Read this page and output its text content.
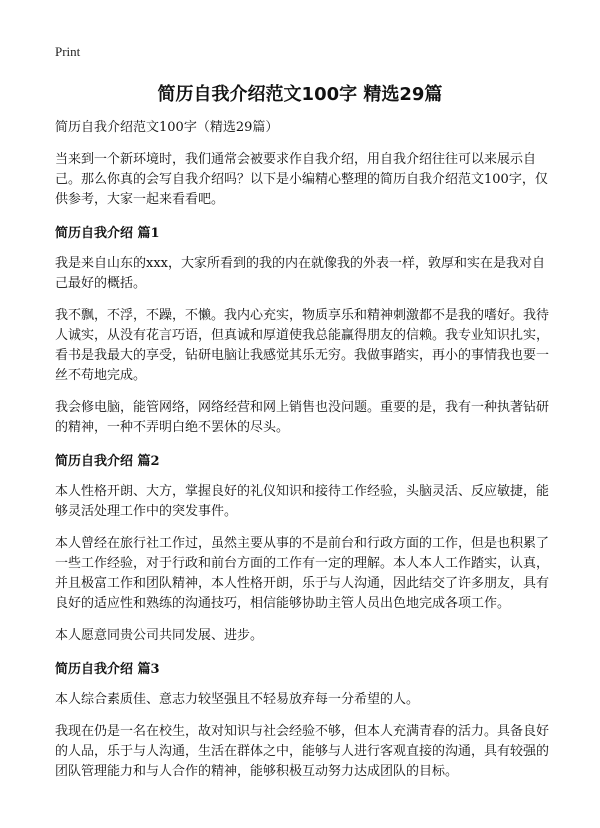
Print
简历自我介绍范文100字 精选29篇

简历自我介绍范文100字（精选29篇）

当来到一个新环境时，我们通常会被要求作自我介绍，用自我介绍往往可以来展示自己。那么你真的会写自我介绍吗？以下是小编精心整理的简历自我介绍范文100字，仅供参考，大家一起来看看吧。

简历自我介绍 篇1

我是来自山东的xxx，大家所看到的我的内在就像我的外表一样，敦厚和实在是我对自己最好的概括。

我不飘，不浮，不躁，不懒。我内心充实，物质享乐和精神刺激都不是我的嗜好。我待人诚实，从没有花言巧语，但真诚和厚道使我总能赢得朋友的信赖。我专业知识扎实，看书是我最大的享受，钻研电脑让我感觉其乐无穷。我做事踏实，再小的事情我也要一丝不苟地完成。

我会修电脑，能管网络，网络经营和网上销售也没问题。重要的是，我有一种执著钻研的精神，一种不弄明白绝不罢休的尽头。

简历自我介绍 篇2

本人性格开朗、大方，掌握良好的礼仪知识和接待工作经验，头脑灵活、反应敏捷，能够灵活处理工作中的突发事件。

本人曾经在旅行社工作过，虽然主要从事的不是前台和行政方面的工作，但是也积累了一些工作经验，对于行政和前台方面的工作有一定的理解。本人本人工作踏实，认真，并且极富工作和团队精神，本人性格开朗，乐于与人沟通，因此结交了许多朋友，具有良好的适应性和熟练的沟通技巧，相信能够协助主管人员出色地完成各项工作。

本人愿意同贵公司共同发展、进步。

简历自我介绍 篇3

本人综合素质佳、意志力较坚强且不轻易放弃每一分希望的人。

我现在仍是一名在校生，故对知识与社会经验不够，但本人充满青春的活力。具备良好的人品，乐于与人沟通，生活在群体之中，能够与人进行客观直接的沟通，具有较强的团队管理能力和与人合作的精神，能够积极互动努力达成团队的目标。
